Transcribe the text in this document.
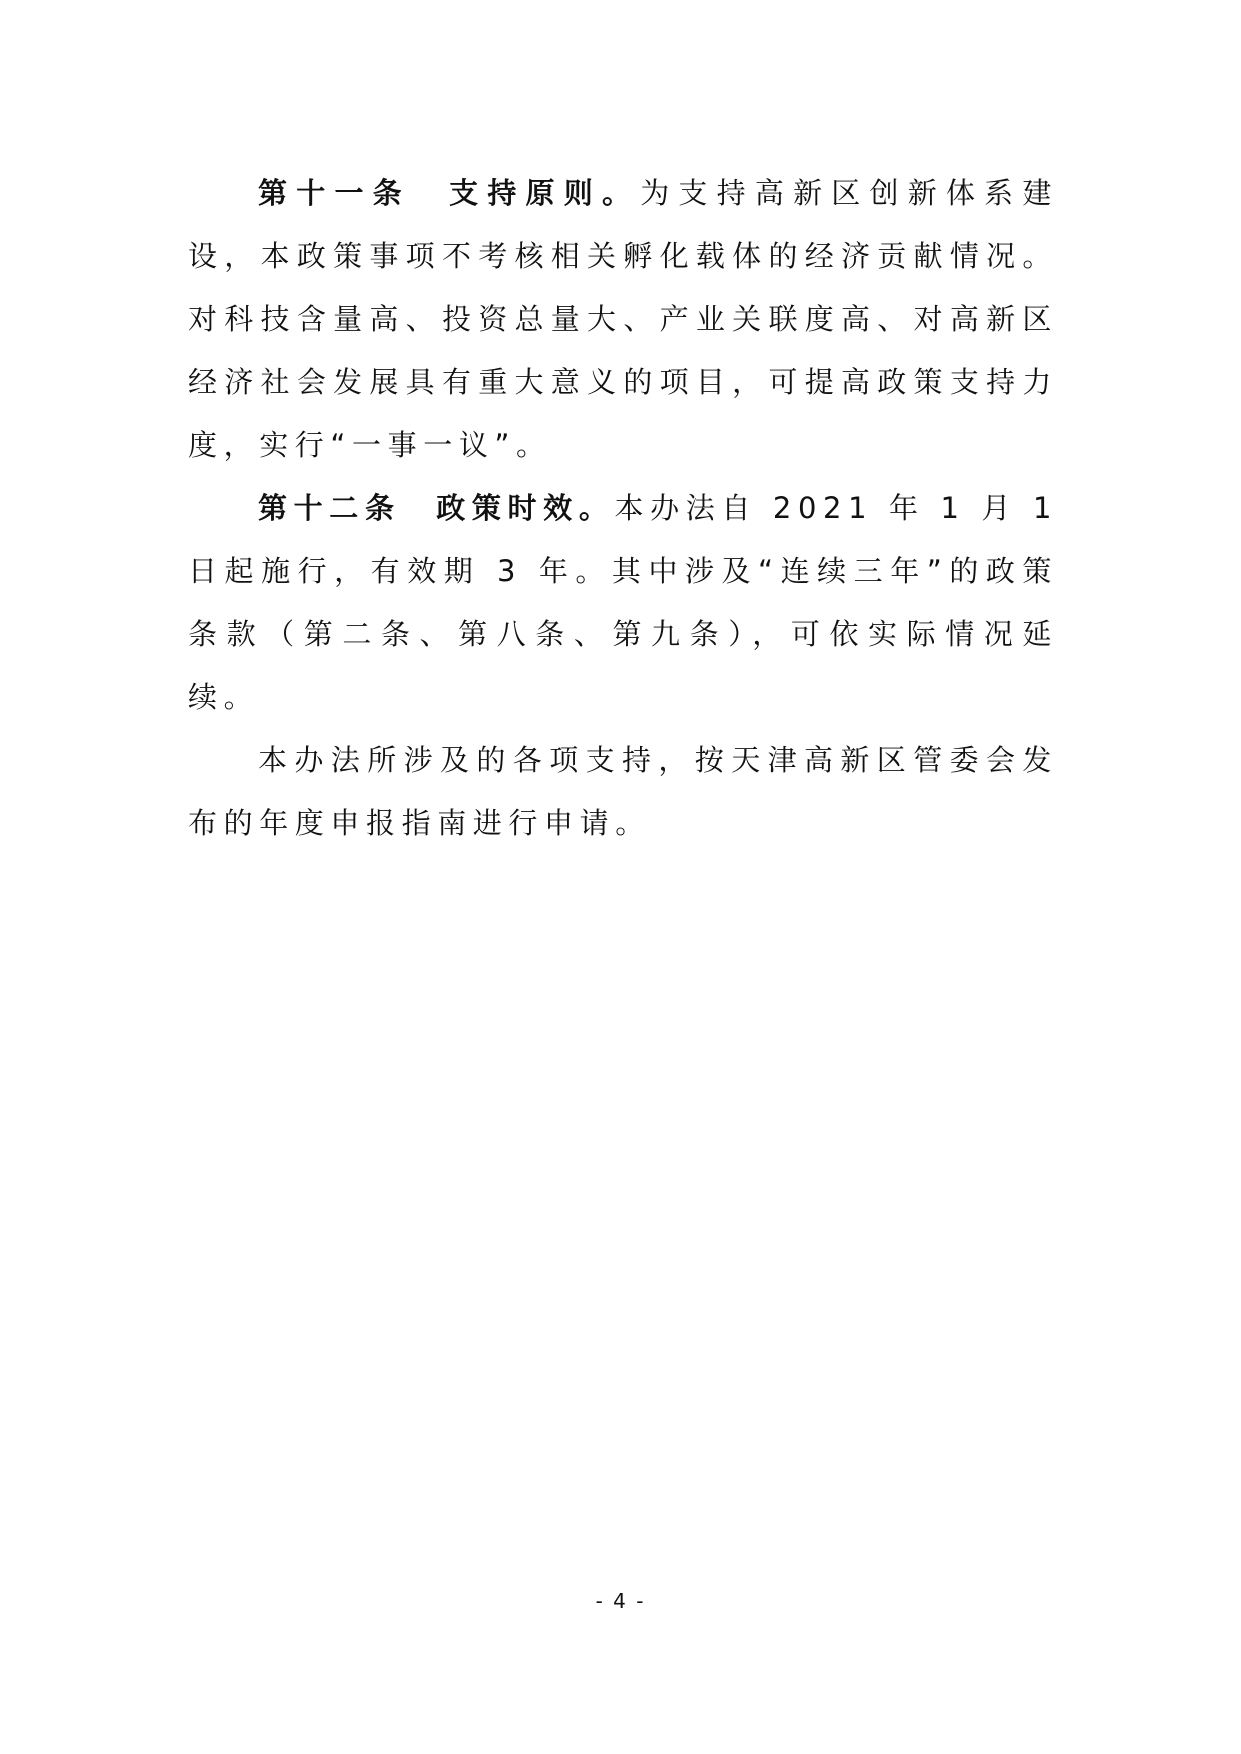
第十一条　支持原则。为支持高新区创新体系建设，本政策事项不考核相关孵化载体的经济贡献情况。对科技含量高、投资总量大、产业关联度高、对高新区经济社会发展具有重大意义的项目，可提高政策支持力度，实行“一事一议”。

第十二条　政策时效。本办法自 2021 年 1 月 1 日起施行，有效期 3 年。其中涉及“连续三年”的政策条款（第二条、第八条、第九条），可依实际情况延续。

本办法所涉及的各项支持，按天津高新区管委会发布的年度申报指南进行申请。

- 4 -
